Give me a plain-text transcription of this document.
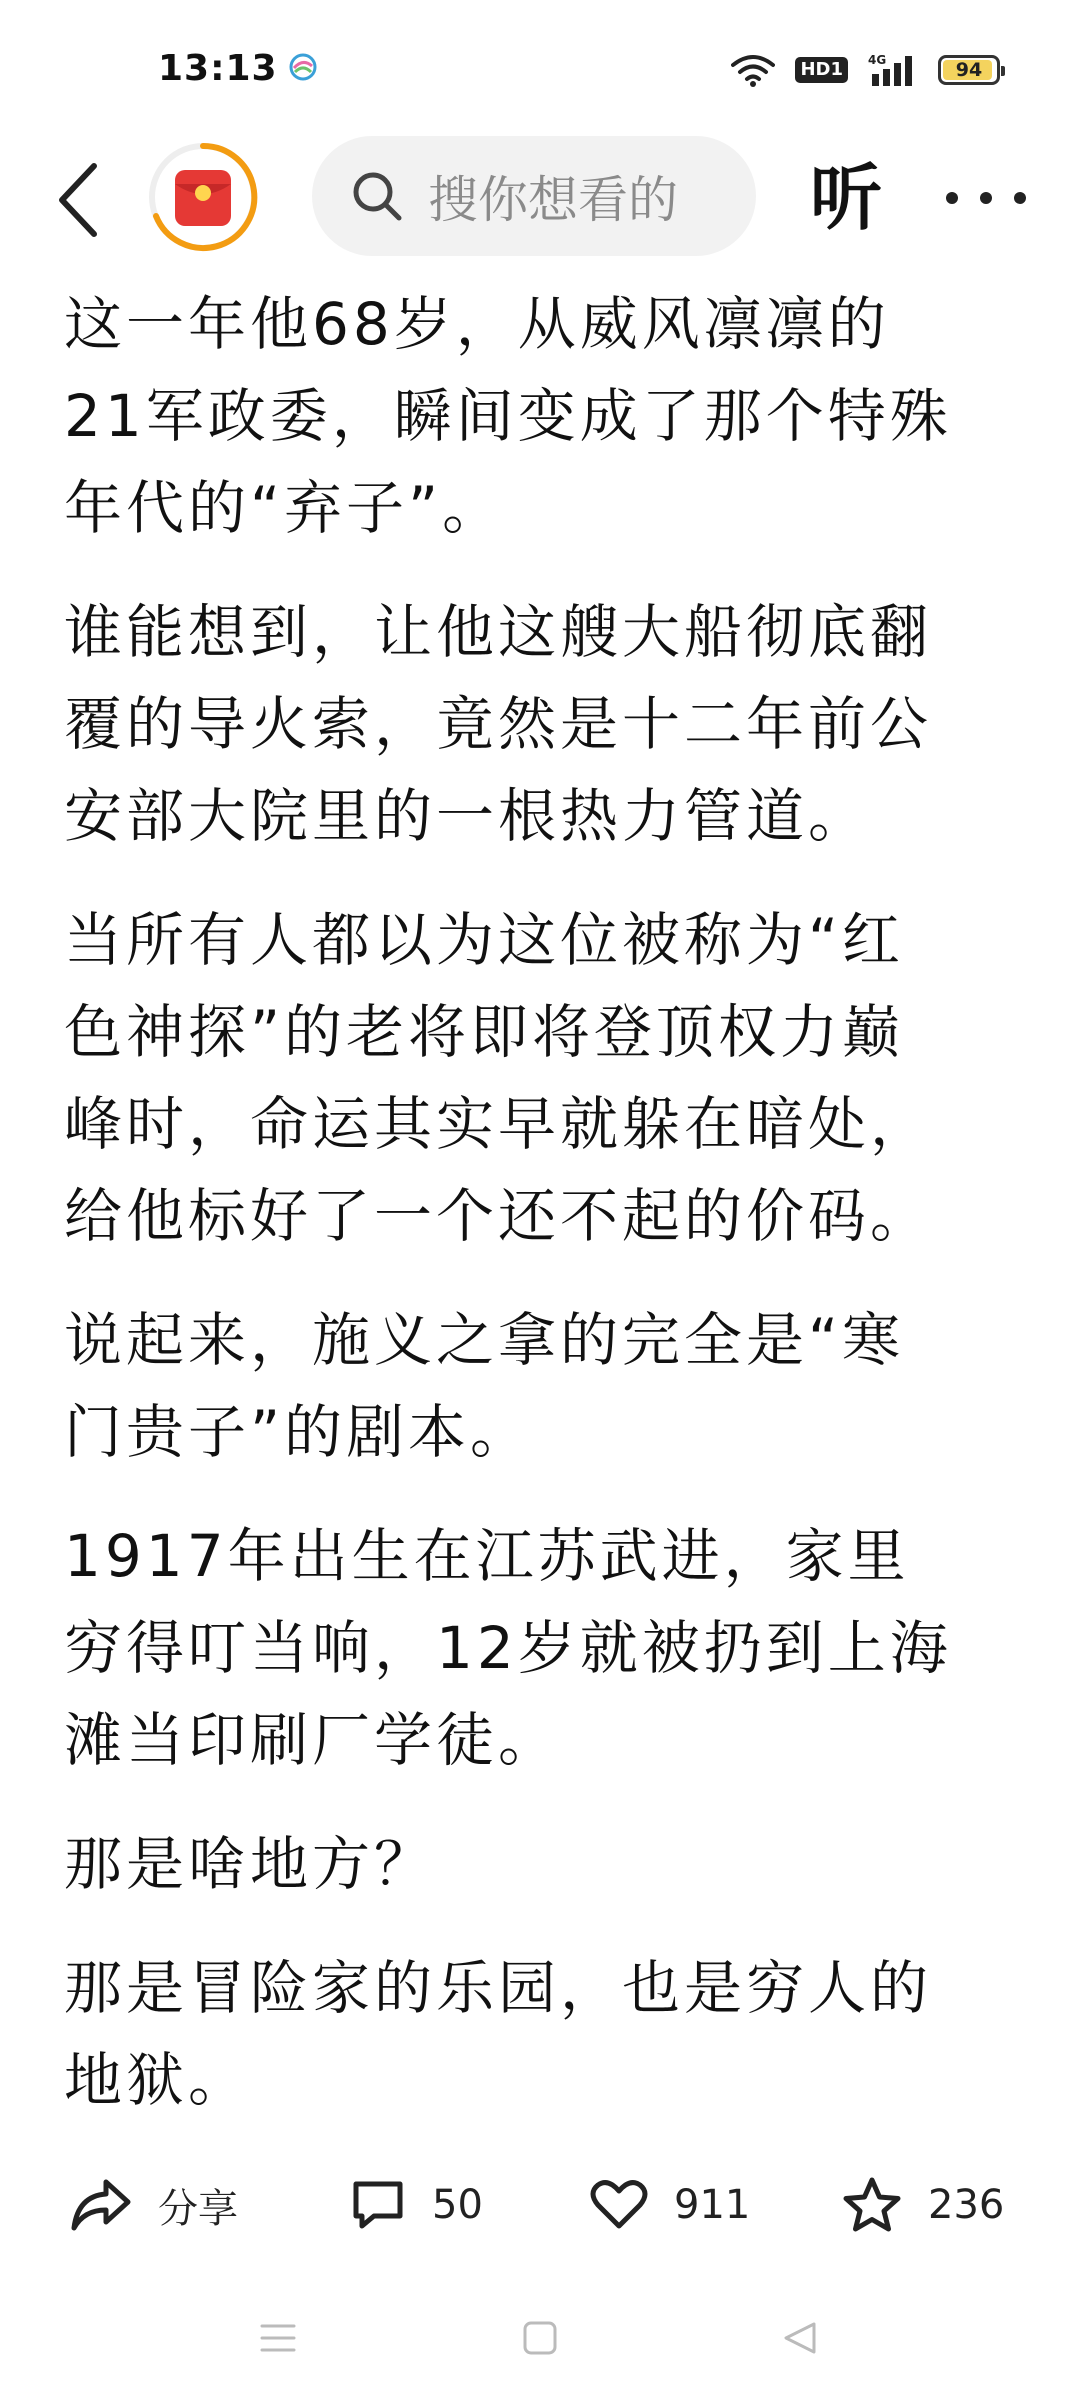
13:13	HD1	4G	94
搜你想看的 听

这一年他68岁，从威风凛凛的21军政委，瞬间变成了那个特殊年代的“弃子”。

谁能想到，让他这艘大船彻底翻覆的导火索，竟然是十二年前公安部大院里的一根热力管道。

当所有人都以为这位被称为“红色神探”的老将即将登顶权力巅峰时，命运其实早就躲在暗处，给他标好了一个还不起的价码。

说起来，施义之拿的完全是“寒门贵子”的剧本。

1917年出生在江苏武进，家里穷得叮当响，12岁就被扔到上海滩当印刷厂学徒。

那是啥地方？

那是冒险家的乐园，也是穷人的地狱。

分享	50	911	236
